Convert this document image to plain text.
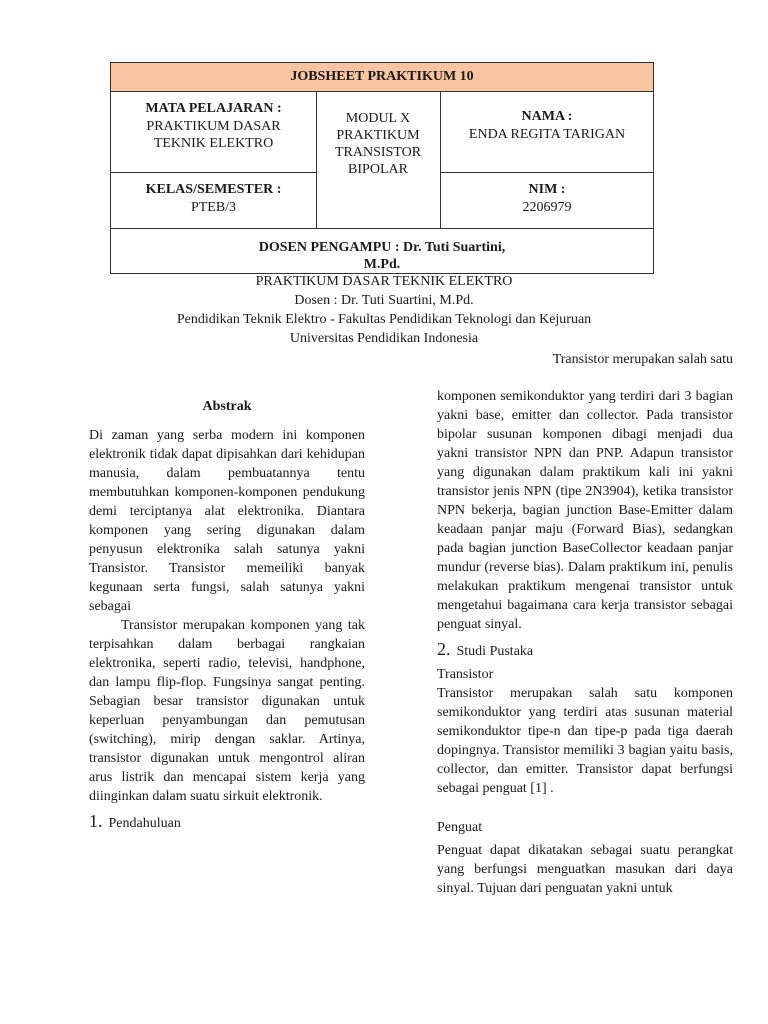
JOBSHEET PRAKTIKUM 10
MATA PELAJARAN :
PRAKTIKUM DASAR
TEKNIK ELEKTRO
KELAS/SEMESTER :
PTEB/3
MODUL X
PRAKTIKUM
TRANSISTOR
BIPOLAR
NAMA :
ENDA REGITA TARIGAN
NIM :
2206979
DOSEN PENGAMPU : Dr. Tuti Suartini,
M.Pd.
PRAKTIKUM DASAR TEKNIK ELEKTRO
Dosen : Dr. Tuti Suartini, M.Pd.
Pendidikan Teknik Elektro - Fakultas Pendidikan Teknologi dan Kejuruan
Universitas Pendidikan Indonesia
Abstrak

Di zaman yang serba modern ini komponen elektronik tidak dapat dipisahkan dari kehidupan manusia, dalam pembuatannya tentu membutuhkan komponen-komponen pendukung demi terciptanya alat elektronika. Diantara komponen yang sering digunakan dalam penyusun elektronika salah satunya yakni Transistor. Transistor memeiliki banyak kegunaan serta fungsi, salah satunya yakni sebagai

Transistor merupakan komponen yang tak terpisahkan dalam berbagai rangkaian elektronika, seperti radio, televisi, handphone, dan lampu flip-flop. Fungsinya sangat penting. Sebagian besar transistor digunakan untuk keperluan penyambungan dan pemutusan (switching), mirip dengan saklar. Artinya, transistor digunakan untuk mengontrol aliran arus listrik dan mencapai sistem kerja yang diinginkan dalam suatu sirkuit elektronik.

1. Pendahuluan

Transistor merupakan salah satu

komponen semikonduktor yang terdiri dari 3 bagian yakni base, emitter dan collector. Pada transistor bipolar susunan komponen dibagi menjadi dua yakni transistor NPN dan PNP. Adapun transistor yang digunakan dalam praktikum kali ini yakni transistor jenis NPN (tipe 2N3904), ketika transistor NPN bekerja, bagian junction Base-Emitter dalam keadaan panjar maju (Forward Bias), sedangkan pada bagian junction BaseCollector keadaan panjar mundur (reverse bias). Dalam praktikum ini, penulis melakukan praktikum mengenai transistor untuk mengetahui bagaimana cara kerja transistor sebagai penguat sinyal.

2. Studi Pustaka
Transistor

Transistor merupakan salah satu komponen semikonduktor yang terdiri atas susunan material semikonduktor tipe-n dan tipe-p pada tiga daerah dopingnya. Transistor memiliki 3 bagian yaitu basis, collector, dan emitter. Transistor dapat berfungsi sebagai penguat [1] .

Penguat

Penguat dapat dikatakan sebagai suatu perangkat yang berfungsi menguatkan masukan dari daya sinyal. Tujuan dari penguatan yakni untuk
